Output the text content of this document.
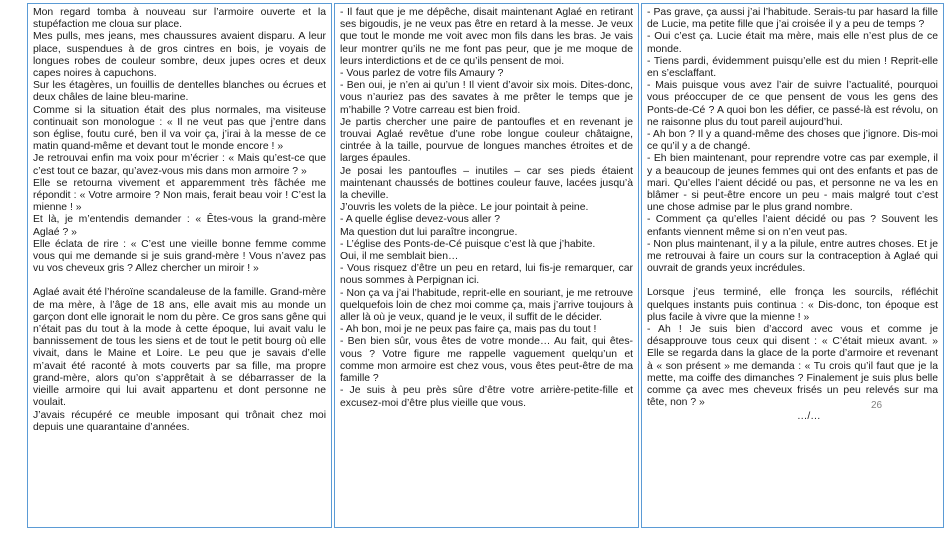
Mon regard tomba à nouveau sur l’armoire ouverte et la stupéfaction me cloua sur place.

Mes pulls, mes jeans, mes chaussures avaient disparu. A leur place, suspendues à de gros cintres en bois, je voyais de longues robes de couleur sombre, deux jupes ocres et deux capes noires à capuchons.

Sur les étagères, un fouillis de dentelles blanches ou écrues et deux châles de laine bleu-marine.

Comme si la situation était des plus normales, ma visiteuse continuait son monologue : « Il ne veut pas que j’entre dans son église, foutu curé, ben il va voir ça, j’irai à la messe de ce matin quand-même et devant tout le monde encore ! »

Je retrouvai enfin ma voix pour m’écrier : « Mais qu’est-ce que c’est tout ce bazar, qu’avez-vous mis dans mon armoire ? »

Elle se retourna vivement et apparemment très fâchée me répondit : « Votre armoire ? Non mais, ferait beau voir ! C’est la mienne ! »

Et là, je m’entendis demander : « Êtes-vous la grand-mère Aglaé ? »

Elle éclata de rire : « C’est une vieille bonne femme comme vous qui me demande si je suis grand-mère ! Vous n’avez pas vu vos cheveux gris ? Allez chercher un miroir ! »

Aglaé avait été l’héroïne scandaleuse de la famille. Grand-mère de ma mère, à l’âge de 18 ans, elle avait mis au monde un garçon dont elle ignorait le nom du père. Ce gros sans gêne qui n’était pas du tout à la mode à cette époque, lui avait valu le bannissement de tous les siens et de tout le petit bourg où elle vivait, dans le Maine et Loire. Le peu que je savais d’elle m’avait été raconté à mots couverts par sa fille, ma propre grand-mère, alors qu’on s’apprêtait à se débarrasser de la vieille armoire qui lui avait appartenu et dont personne ne voulait.

J’avais récupéré ce meuble imposant qui trônait chez moi depuis une quarantaine d’années.

- Il faut que je me dépêche, disait maintenant Aglaé en retirant ses bigoudis, je ne veux pas être en retard à la messe. Je veux que tout le monde me voit avec mon fils dans les bras. Je vais leur montrer qu’ils ne me font pas peur, que je me moque de leurs interdictions et de ce qu’ils pensent de moi.

- Vous parlez de votre fils Amaury ?

- Ben oui, je n’en ai qu’un ! Il vient d’avoir six mois. Dites-donc, vous n’auriez pas des savates à me prêter le temps que je m’habille ? Votre carreau est bien froid.

Je partis chercher une paire de pantoufles et en revenant je trouvai Aglaé revêtue d’une robe longue couleur châtaigne, cintrée à la taille, pourvue de longues manches étroites et de larges épaules.

Je posai les pantoufles – inutiles – car ses pieds étaient maintenant chaussés de bottines couleur fauve, lacées jusqu’à la cheville.

J’ouvris les volets de la pièce. Le jour pointait à peine.

- A quelle église devez-vous aller ?

Ma question dut lui paraître incongrue.

- L’église des Ponts-de-Cé puisque c’est là que j’habite.

Oui, il me semblait bien…

- Vous risquez d’être un peu en retard, lui fis-je remarquer, car nous sommes à Perpignan ici.

- Non ça va j’ai l’habitude, reprit-elle en souriant, je me retrouve quelquefois loin de chez moi comme ça, mais j’arrive toujours à aller là où je veux, quand je le veux, il suffit de le décider.

- Ah bon, moi je ne peux pas faire ça, mais pas du tout !

- Ben bien sûr, vous êtes de votre monde… Au fait, qui êtes-vous ? Votre figure me rappelle vaguement quelqu’un et comme mon armoire est chez vous, vous êtes peut-être de ma famille ?

- Je suis à peu près sûre d’être votre arrière-petite-fille et excusez-moi d’être plus vieille que vous.

- Pas grave, ça aussi j’ai l’habitude. Serais-tu par hasard la fille de Lucie, ma petite fille que j’ai croisée il y a peu de temps ?

- Oui c’est ça. Lucie était ma mère, mais elle n’est plus de ce monde.

- Tiens pardi, évidemment puisqu’elle est du mien ! Reprit-elle en s’esclaffant.

- Mais puisque vous avez l’air de suivre l’actualité, pourquoi vous préoccuper de ce que pensent de vous les gens des Ponts-de-Cé ? A quoi bon les défier, ce passé-là est révolu, on ne raisonne plus du tout pareil aujourd’hui.

- Ah bon ? Il y a quand-même des choses que j’ignore. Dis-moi ce qu’il y a de changé.

- Eh bien maintenant, pour reprendre votre cas par exemple, il y a beaucoup de jeunes femmes qui ont des enfants et pas de mari. Qu’elles l’aient décidé ou pas, et personne ne va les en blâmer - si peut-être encore un peu - mais malgré tout c’est une chose admise par le plus grand nombre.

- Comment ça qu’elles l’aient décidé ou pas ? Souvent les enfants viennent même si on n’en veut pas.

- Non plus maintenant, il y a la pilule, entre autres choses. Et je me retrouvai à faire un cours sur la contraception à Aglaé qui ouvrait de grands yeux incrédules.

Lorsque j’eus terminé, elle fronça les sourcils, réfléchit quelques instants puis continua : « Dis-donc, ton époque est plus facile à vivre que la mienne ! »

- Ah ! Je suis bien d’accord avec vous et comme je désapprouve tous ceux qui disent : « C’était mieux avant. » Elle se regarda dans la glace de la porte d’armoire et revenant à « son présent » me demanda : « Tu crois qu’il faut que je la mette, ma coiffe des dimanches ? Finalement je suis plus belle comme ça avec mes cheveux frisés un peu relevés sur ma tête, non ? »

…/…
26
